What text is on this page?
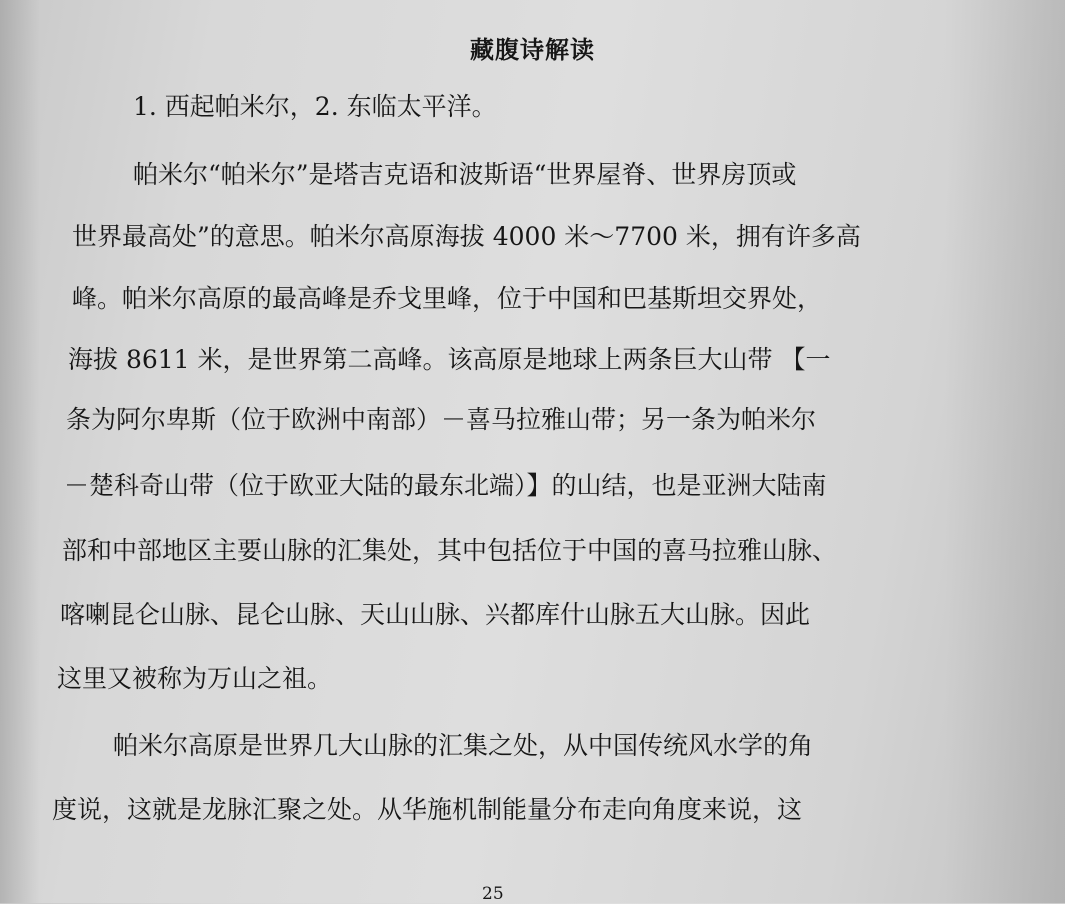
藏腹诗解读
1. 西起帕米尔，2. 东临太平洋。
帕米尔“帕米尔”是塔吉克语和波斯语“世界屋脊、世界房顶或
世界最高处”的意思。帕米尔高原海拔 4000 米～7700 米，拥有许多高
峰。帕米尔高原的最高峰是乔戈里峰，位于中国和巴基斯坦交界处，
海拔 8611 米，是世界第二高峰。该高原是地球上两条巨大山带 【一
条为阿尔卑斯（位于欧洲中南部）－喜马拉雅山带；另一条为帕米尔
－楚科奇山带（位于欧亚大陆的最东北端）】的山结，也是亚洲大陆南
部和中部地区主要山脉的汇集处，其中包括位于中国的喜马拉雅山脉、
喀喇昆仑山脉、昆仑山脉、天山山脉、兴都库什山脉五大山脉。因此
这里又被称为万山之祖。
帕米尔高原是世界几大山脉的汇集之处，从中国传统风水学的角
度说，这就是龙脉汇聚之处。从华施机制能量分布走向角度来说，这
25
